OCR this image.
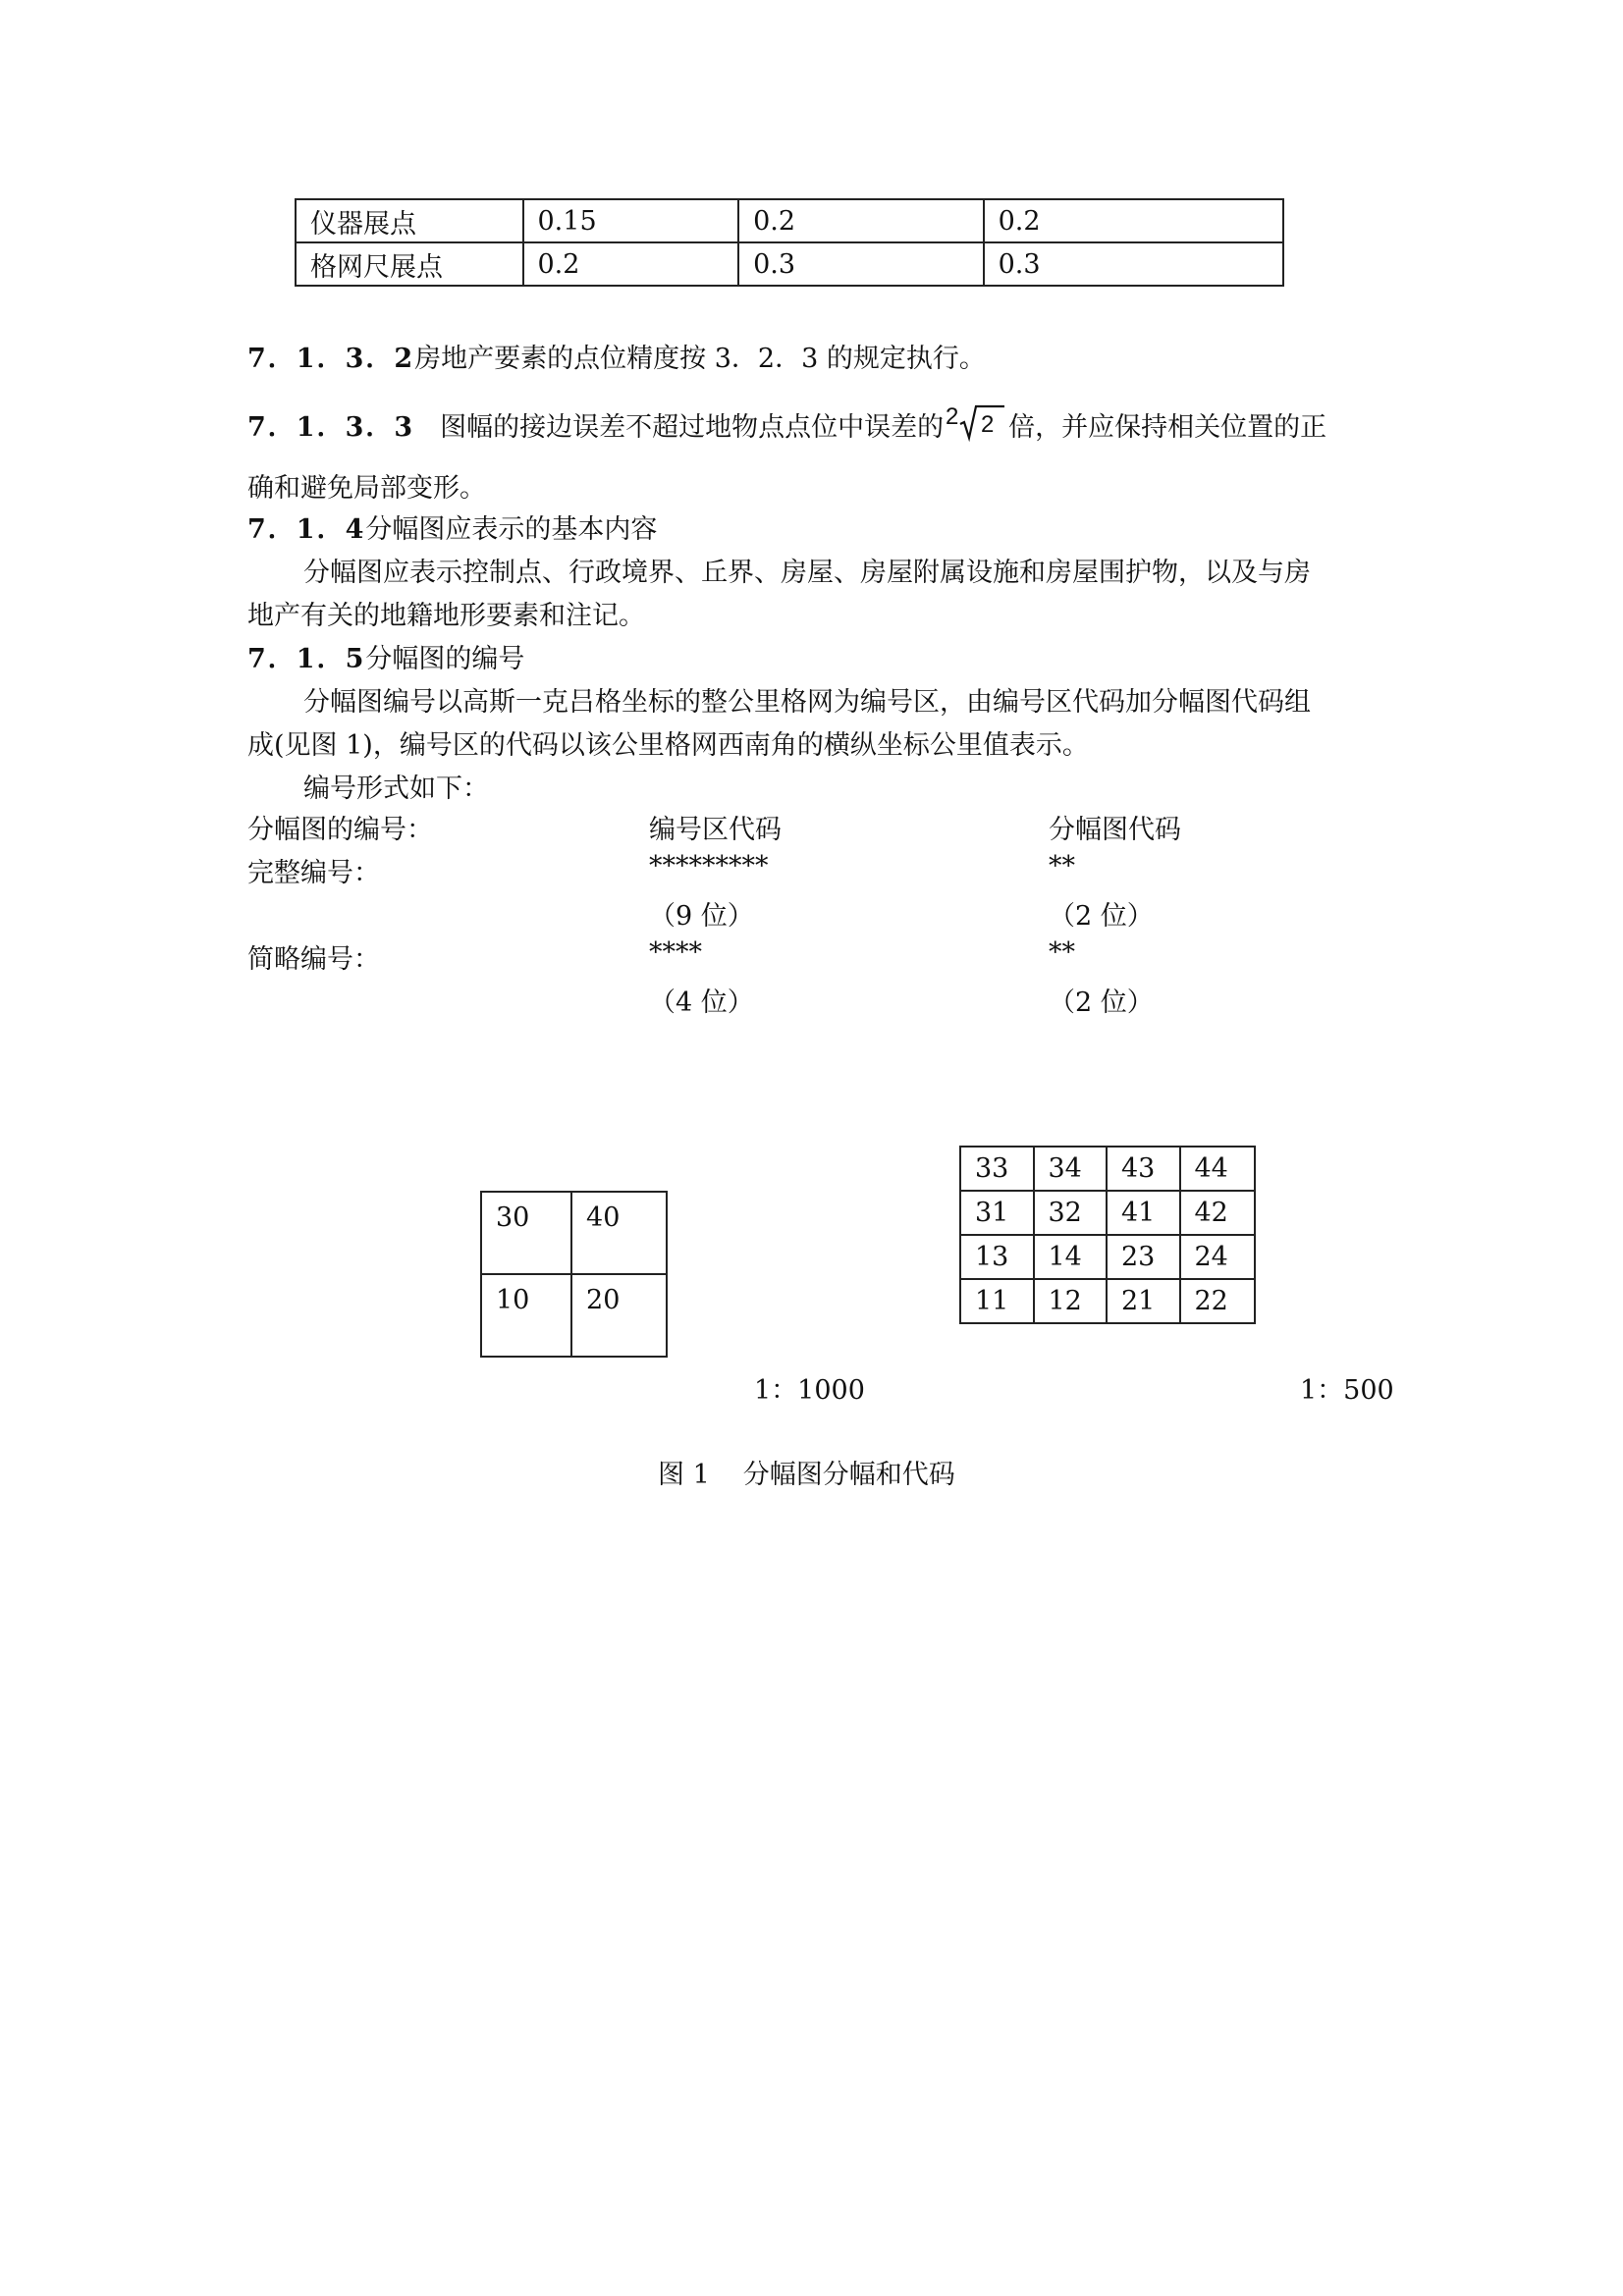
仪器展点	0.15	0.2	0.2
格网尺展点	0.2	0.3	0.3
7．1．3．2房地产要素的点位精度按 3．2．3 的规定执行。
7．1．3．3 图幅的接边误差不超过地物点点位中误差的 2 2 倍，并应保持相关位置的正
确和避免局部变形。
7．1．4分幅图应表示的基本内容
分幅图应表示控制点、行政境界、丘界、房屋、房屋附属设施和房屋围护物，以及与房
地产有关的地籍地形要素和注记。
7．1．5分幅图的编号
分幅图编号以高斯一克吕格坐标的整公里格网为编号区，由编号区代码加分幅图代码组
成(见图 1)，编号区的代码以该公里格网西南角的横纵坐标公里值表示。
编号形式如下：
分幅图的编号：	编号区代码	分幅图代码
完整编号：	*********	**
（9 位）	（2 位）
简略编号：	****	**
（4 位）	（2 位）
30	40
10	20
33	34	43	44
31	32	41	42
13	14	23	24
11	12	21	22
1：1000	1：500
图 1 分幅图分幅和代码
